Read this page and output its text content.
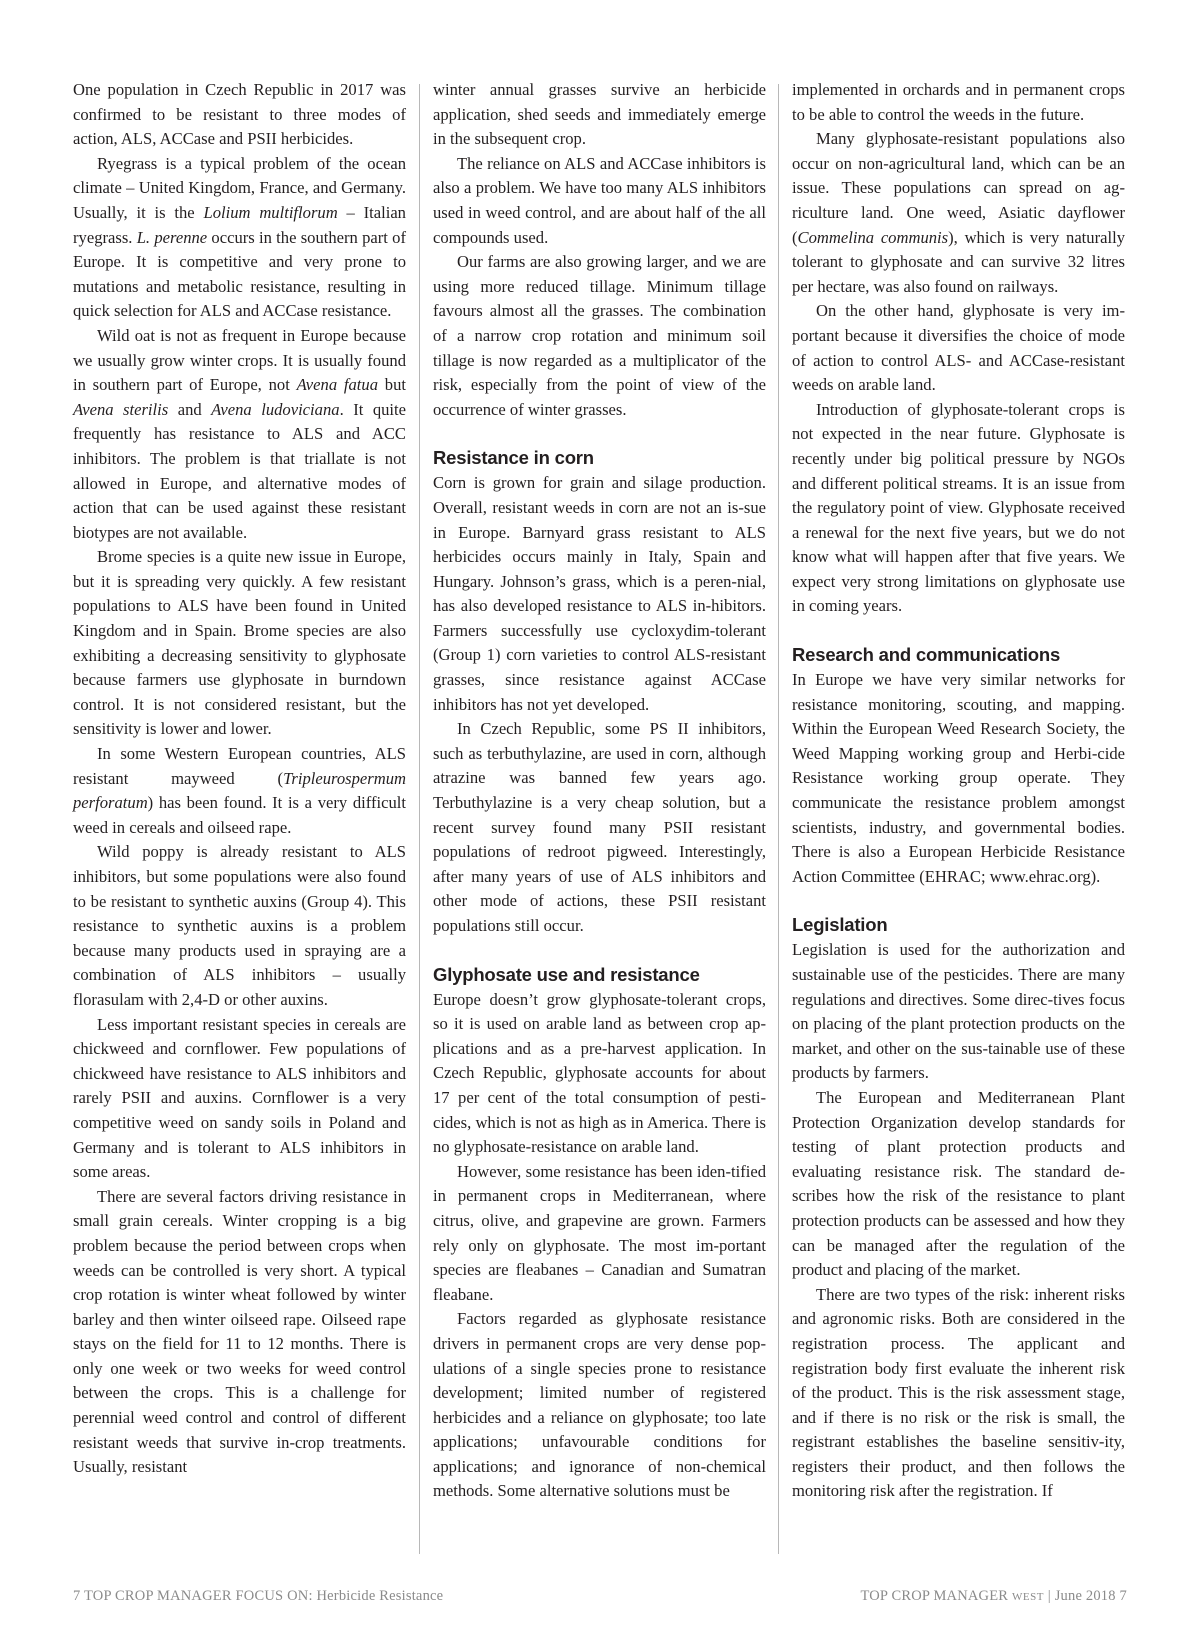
One population in Czech Republic in 2017 was confirmed to be resistant to three modes of action, ALS, ACCase and PSII herbicides.

Ryegrass is a typical problem of the ocean climate – United Kingdom, France, and Germany. Usually, it is the Lolium multiflorum – Italian ryegrass. L. perenne occurs in the southern part of Europe. It is competitive and very prone to mutations and metabolic resistance, resulting in quick selection for ALS and ACCase resistance.

Wild oat is not as frequent in Europe because we usually grow winter crops. It is usually found in southern part of Europe, not Avena fatua but Avena sterilis and Avena ludoviciana. It quite frequently has resistance to ALS and ACC inhibitors. The problem is that triallate is not allowed in Europe, and alternative modes of action that can be used against these resistant biotypes are not available.

Brome species is a quite new issue in Europe, but it is spreading very quickly. A few resistant populations to ALS have been found in United Kingdom and in Spain. Brome species are also exhibiting a decreasing sensitivity to glyphosate because farmers use glyphosate in burndown control. It is not considered resistant, but the sensitivity is lower and lower.

In some Western European countries, ALS resistant mayweed (Tripleurospermum perforatum) has been found. It is a very difficult weed in cereals and oilseed rape.

Wild poppy is already resistant to ALS inhibitors, but some populations were also found to be resistant to synthetic auxins (Group 4). This resistance to synthetic auxins is a problem because many products used in spraying are a combination of ALS inhibitors – usually florasulam with 2,4-D or other auxins.

Less important resistant species in cereals are chickweed and cornflower. Few populations of chickweed have resistance to ALS inhibitors and rarely PSII and auxins. Cornflower is a very competitive weed on sandy soils in Poland and Germany and is tolerant to ALS inhibitors in some areas.

There are several factors driving resistance in small grain cereals. Winter cropping is a big problem because the period between crops when weeds can be controlled is very short. A typical crop rotation is winter wheat followed by winter barley and then winter oilseed rape. Oilseed rape stays on the field for 11 to 12 months. There is only one week or two weeks for weed control between the crops. This is a challenge for perennial weed control and control of different resistant weeds that survive in-crop treatments. Usually, resistant

winter annual grasses survive an herbicide application, shed seeds and immediately emerge in the subsequent crop.

The reliance on ALS and ACCase inhibitors is also a problem. We have too many ALS inhibitors used in weed control, and are about half of the all compounds used.

Our farms are also growing larger, and we are using more reduced tillage. Minimum tillage favours almost all the grasses. The combination of a narrow crop rotation and minimum soil tillage is now regarded as a multiplicator of the risk, especially from the point of view of the occurrence of winter grasses.

Resistance in corn

Corn is grown for grain and silage production. Overall, resistant weeds in corn are not an is-sue in Europe. Barnyard grass resistant to ALS herbicides occurs mainly in Italy, Spain and Hungary. Johnson’s grass, which is a peren-nial, has also developed resistance to ALS in-hibitors. Farmers successfully use cycloxydim-tolerant (Group 1) corn varieties to control ALS-resistant grasses, since resistance against ACCase inhibitors has not yet developed.

In Czech Republic, some PS II inhibitors, such as terbuthylazine, are used in corn, although atrazine was banned few years ago. Terbuthylazine is a very cheap solution, but a recent survey found many PSII resistant populations of redroot pigweed. Interestingly, after many years of use of ALS inhibitors and other mode of actions, these PSII resistant populations still occur.

Glyphosate use and resistance

Europe doesn’t grow glyphosate-tolerant crops, so it is used on arable land as between crop ap-plications and as a pre-harvest application. In Czech Republic, glyphosate accounts for about 17 per cent of the total consumption of pesti-cides, which is not as high as in America. There is no glyphosate-resistance on arable land.

However, some resistance has been iden-tified in permanent crops in Mediterranean, where citrus, olive, and grapevine are grown. Farmers rely only on glyphosate. The most im-portant species are fleabanes – Canadian and Sumatran fleabane.

Factors regarded as glyphosate resistance drivers in permanent crops are very dense pop-ulations of a single species prone to resistance development; limited number of registered herbicides and a reliance on glyphosate; too late applications; unfavourable conditions for applications; and ignorance of non-chemical methods. Some alternative solutions must be

implemented in orchards and in permanent crops to be able to control the weeds in the future.

Many glyphosate-resistant populations also occur on non-agricultural land, which can be an issue. These populations can spread on ag-riculture land. One weed, Asiatic dayflower (Commelina communis), which is very naturally tolerant to glyphosate and can survive 32 litres per hectare, was also found on railways.

On the other hand, glyphosate is very im-portant because it diversifies the choice of mode of action to control ALS- and ACCase-resistant weeds on arable land.

Introduction of glyphosate-tolerant crops is not expected in the near future. Glyphosate is recently under big political pressure by NGOs and different political streams. It is an issue from the regulatory point of view. Glyphosate received a renewal for the next five years, but we do not know what will happen after that five years. We expect very strong limitations on glyphosate use in coming years.

Research and communications

In Europe we have very similar networks for resistance monitoring, scouting, and mapping. Within the European Weed Research Society, the Weed Mapping working group and Herbi-cide Resistance working group operate. They communicate the resistance problem amongst scientists, industry, and governmental bodies. There is also a European Herbicide Resistance Action Committee (EHRAC; www.ehrac.org).

Legislation

Legislation is used for the authorization and sustainable use of the pesticides. There are many regulations and directives. Some direc-tives focus on placing of the plant protection products on the market, and other on the sus-tainable use of these products by farmers.

The European and Mediterranean Plant Protection Organization develop standards for testing of plant protection products and evaluating resistance risk. The standard de-scribes how the risk of the resistance to plant protection products can be assessed and how they can be managed after the regulation of the product and placing of the market.

There are two types of the risk: inherent risks and agronomic risks. Both are considered in the registration process. The applicant and registration body first evaluate the inherent risk of the product. This is the risk assessment stage, and if there is no risk or the risk is small, the registrant establishes the baseline sensitiv-ity, registers their product, and then follows the monitoring risk after the registration. If

7 TOP CROP MANAGER FOCUS ON: Herbicide Resistance	TOP CROP MANAGER WEST | June 2018 7
